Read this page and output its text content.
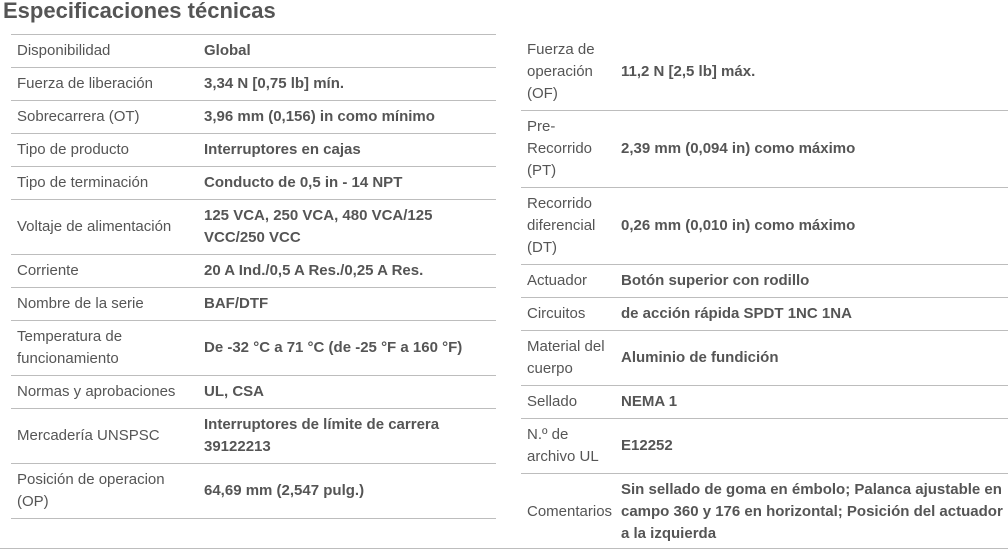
Especificaciones técnicas
Disponibilidad	Global
Fuerza de liberación	3,34 N [0,75 lb] mín.
Sobrecarrera (OT)	3,96 mm (0,156) in como mínimo
Tipo de producto	Interruptores en cajas
Tipo de terminación	Conducto de 0,5 in - 14 NPT
Voltaje de alimentación	125 VCA, 250 VCA, 480 VCA/125 VCC/250 VCC
Corriente	20 A Ind./0,5 A Res./0,25 A Res.
Nombre de la serie	BAF/DTF
Temperatura de funcionamiento	De -32 °C a 71 °C (de -25 °F a 160 °F)
Normas y aprobaciones	UL, CSA
Mercadería UNSPSC	Interruptores de límite de carrera 39122213
Posición de operacion (OP)	64,69 mm (2,547 pulg.)
Fuerza de operación (OF)	11,2 N [2,5 lb] máx.
Pre-Recorrido (PT)	2,39 mm (0,094 in) como máximo
Recorrido diferencial (DT)	0,26 mm (0,010 in) como máximo
Actuador	Botón superior con rodillo
Circuitos	de acción rápida SPDT 1NC 1NA
Material del cuerpo	Aluminio de fundición
Sellado	NEMA 1
N.º de archivo UL	E12252
Comentarios	Sin sellado de goma en émbolo; Palanca ajustable en campo 360 y 176 en horizontal; Posición del actuador a la izquierda
